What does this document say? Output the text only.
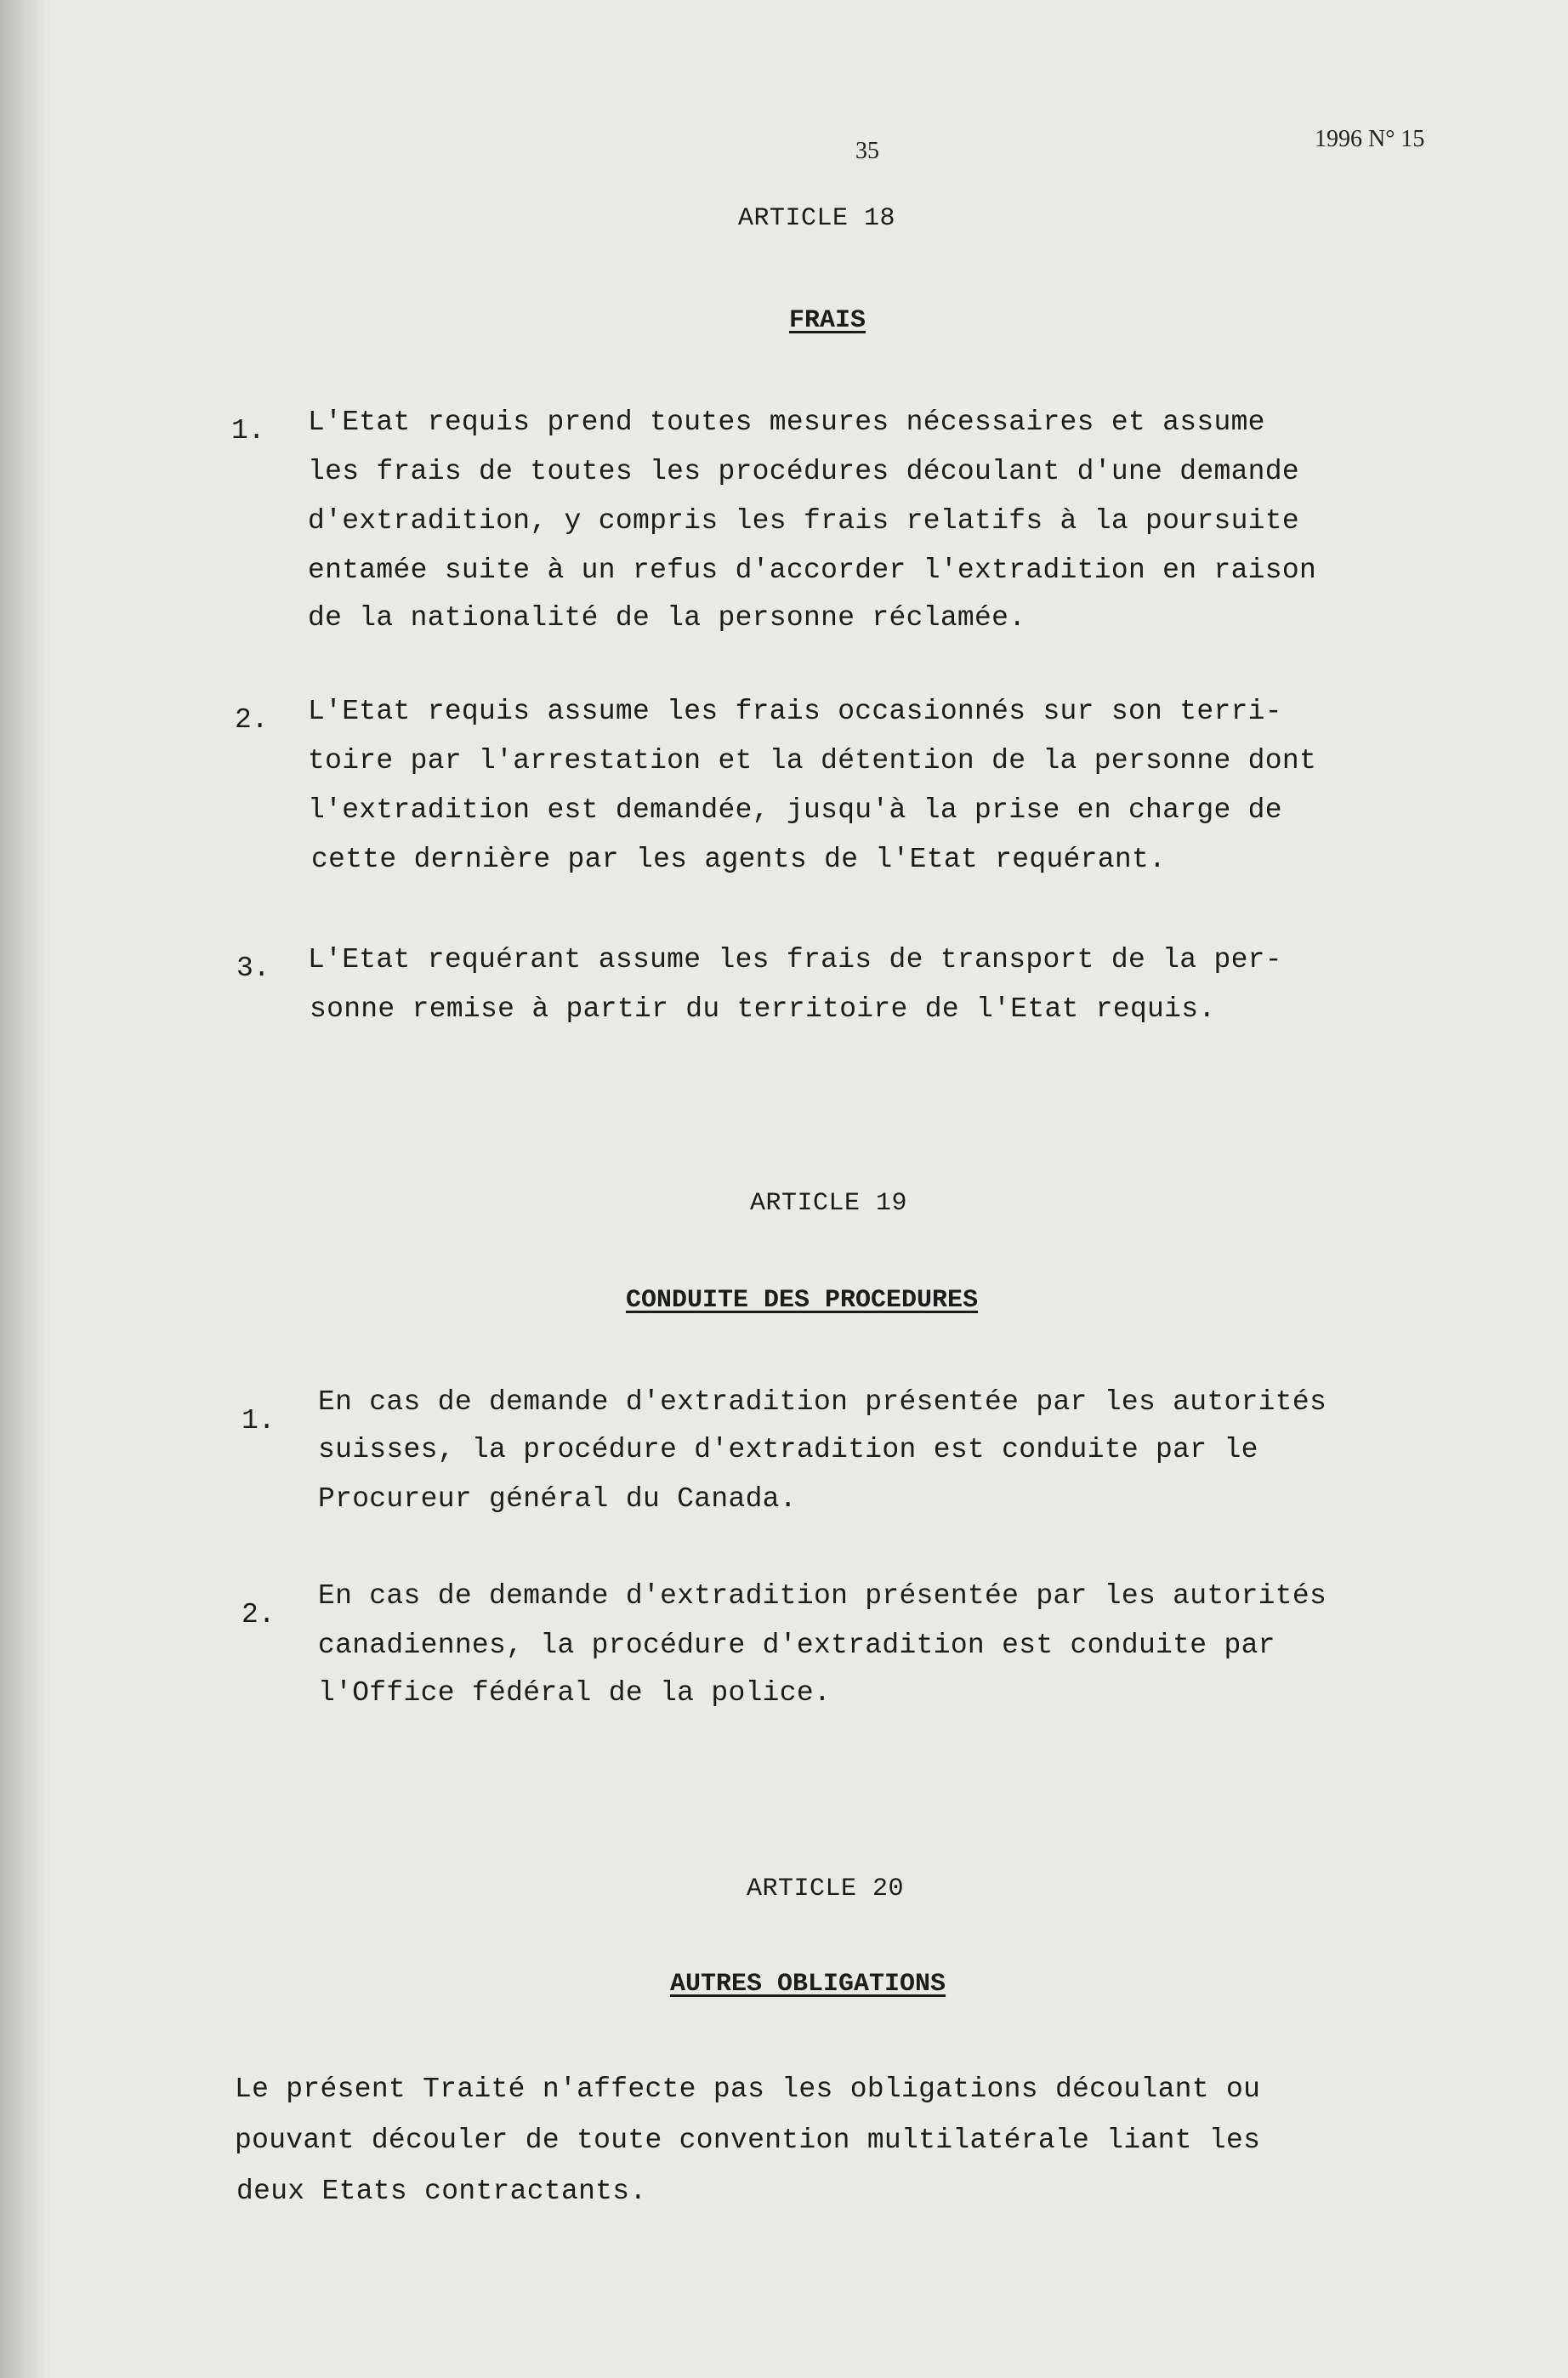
35	1996 N° 15
ARTICLE 18
FRAIS
1. L'Etat requis prend toutes mesures nécessaires et assume
les frais de toutes les procédures découlant d'une demande
d'extradition, y compris les frais relatifs à la poursuite
entamée suite à un refus d'accorder l'extradition en raison
de la nationalité de la personne réclamée.
2. L'Etat requis assume les frais occasionnés sur son terri-
toire par l'arrestation et la détention de la personne dont
l'extradition est demandée, jusqu'à la prise en charge de
cette dernière par les agents de l'Etat requérant.
3. L'Etat requérant assume les frais de transport de la per-
sonne remise à partir du territoire de l'Etat requis.
ARTICLE 19
CONDUITE DES PROCEDURES
1.
En cas de demande d'extradition présentée par les autorités
suisses, la procédure d'extradition est conduite par le
Procureur général du Canada.
2.
En cas de demande d'extradition présentée par les autorités
canadiennes, la procédure d'extradition est conduite par
l'Office fédéral de la police.
ARTICLE 20
AUTRES OBLIGATIONS
Le présent Traité n'affecte pas les obligations découlant ou
pouvant découler de toute convention multilatérale liant les
deux Etats contractants.
